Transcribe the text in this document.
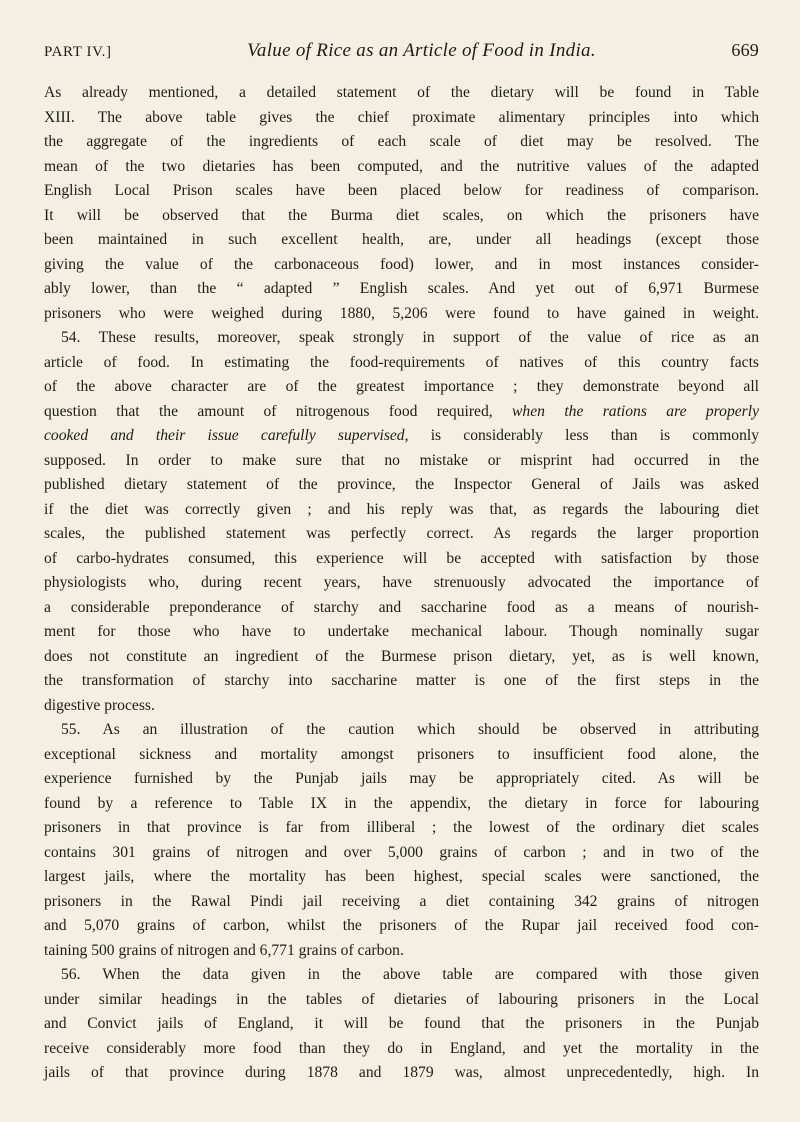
PART IV.]	Value of Rice as an Article of Food in India.	669
As already mentioned, a detailed statement of the dietary will be found in Table
XIII. The above table gives the chief proximate alimentary principles into which
the aggregate of the ingredients of each scale of diet may be resolved. The
mean of the two dietaries has been computed, and the nutritive values of the adapted
English Local Prison scales have been placed below for readiness of comparison.
It will be observed that the Burma diet scales, on which the prisoners have
been maintained in such excellent health, are, under all headings (except those
giving the value of the carbonaceous food) lower, and in most instances consider-
ably lower, than the “ adapted ” English scales. And yet out of 6,971 Burmese
prisoners who were weighed during 1880, 5,206 were found to have gained in weight.
54. These results, moreover, speak strongly in support of the value of rice as an
article of food. In estimating the food-requirements of natives of this country facts
of the above character are of the greatest importance ; they demonstrate beyond all
question that the amount of nitrogenous food required, when the rations are properly
cooked and their issue carefully supervised, is considerably less than is commonly
supposed. In order to make sure that no mistake or misprint had occurred in the
published dietary statement of the province, the Inspector General of Jails was asked
if the diet was correctly given ; and his reply was that, as regards the labouring diet
scales, the published statement was perfectly correct. As regards the larger proportion
of carbo-hydrates consumed, this experience will be accepted with satisfaction by those
physiologists who, during recent years, have strenuously advocated the importance of
a considerable preponderance of starchy and saccharine food as a means of nourish-
ment for those who have to undertake mechanical labour. Though nominally sugar
does not constitute an ingredient of the Burmese prison dietary, yet, as is well known,
the transformation of starchy into saccharine matter is one of the first steps in the
digestive process.
55. As an illustration of the caution which should be observed in attributing
exceptional sickness and mortality amongst prisoners to insufficient food alone, the
experience furnished by the Punjab jails may be appropriately cited. As will be
found by a reference to Table IX in the appendix, the dietary in force for labouring
prisoners in that province is far from illiberal ; the lowest of the ordinary diet scales
contains 301 grains of nitrogen and over 5,000 grains of carbon ; and in two of the
largest jails, where the mortality has been highest, special scales were sanctioned, the
prisoners in the Rawal Pindi jail receiving a diet containing 342 grains of nitrogen
and 5,070 grains of carbon, whilst the prisoners of the Rupar jail received food con-
taining 500 grains of nitrogen and 6,771 grains of carbon.
56. When the data given in the above table are compared with those given
under similar headings in the tables of dietaries of labouring prisoners in the Local
and Convict jails of England, it will be found that the prisoners in the Punjab
receive considerably more food than they do in England, and yet the mortality in the
jails of that province during 1878 and 1879 was, almost unprecedentedly, high. In
